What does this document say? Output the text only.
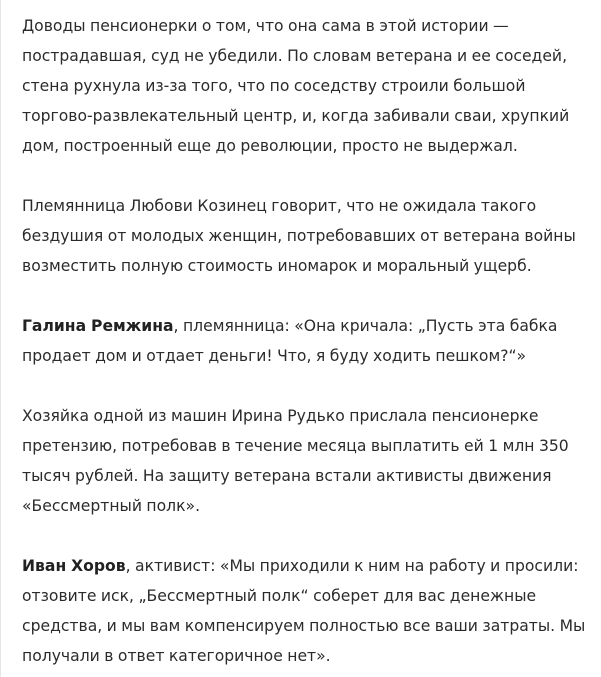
Доводы пенсионерки о том, что она сама в этой истории — пострадавшая, суд не убедили. По словам ветерана и ее соседей, стена рухнула из-за того, что по соседству строили большой торгово-развлекательный центр, и, когда забивали сваи, хрупкий дом, построенный еще до революции, просто не выдержал.

Племянница Любови Козинец говорит, что не ожидала такого бездушия от молодых женщин, потребовавших от ветерана войны возместить полную стоимость иномарок и моральный ущерб.

Галина Ремжина, племянница: «Она кричала: „Пусть эта бабка продает дом и отдает деньги! Что, я буду ходить пешком?“»

Хозяйка одной из машин Ирина Рудько прислала пенсионерке претензию, потребовав в течение месяца выплатить ей 1 млн 350 тысяч рублей. На защиту ветерана встали активисты движения «Бессмертный полк».

Иван Хоров, активист: «Мы приходили к ним на работу и просили: отзовите иск, „Бессмертный полк“ соберет для вас денежные средства, и мы вам компенсируем полностью все ваши затраты. Мы получали в ответ категоричное нет».
